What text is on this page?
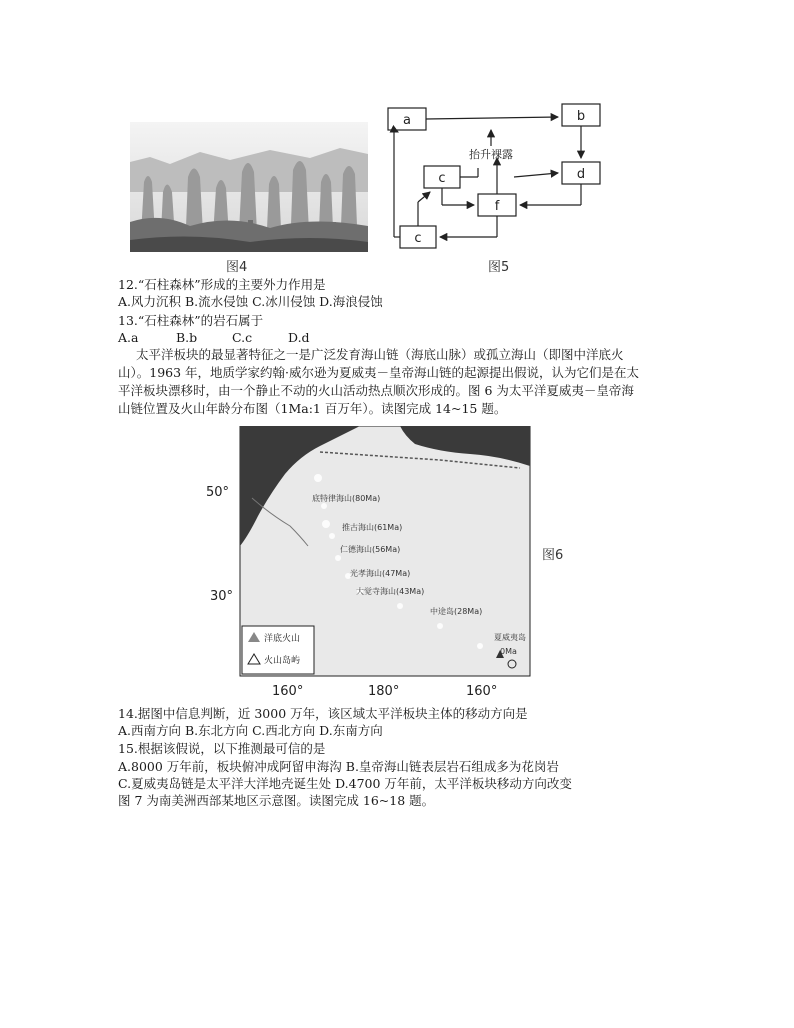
图4
a	b
c	d
f
c
抬升裸露
图5
12.“石柱森林”形成的主要外力作用是
A.风力沉积 B.流水侵蚀 C.冰川侵蚀 D.海浪侵蚀
13.“石柱森林”的岩石属于
A.a	B.b	C.c	D.d
太平洋板块的最显著特征之一是广泛发育海山链（海底山脉）或孤立海山（即图中洋底火
山）。1963 年，地质学家约翰·威尔逊为夏威夷－皇帝海山链的起源提出假说，认为它们是在太
平洋板块漂移时，由一个静止不动的火山活动热点顺次形成的。图 6 为太平洋夏威夷－皇帝海
山链位置及火山年龄分布图（1Ma:1 百万年）。读图完成 14~15 题。
底特律海山(80Ma)
推古海山(61Ma)
仁德海山(56Ma)
光孝海山(47Ma)
大觉寺海山(43Ma)
中途岛(28Ma)
夏威夷岛
0Ma
50°
30°
160°	180°	160°
洋底火山
火山岛屿
图6
14.据图中信息判断，近 3000 万年，该区域太平洋板块主体的移动方向是
A.西南方向 B.东北方向 C.西北方向 D.东南方向
15.根据该假说，以下推测最可信的是
A.8000 万年前，板块俯冲成阿留申海沟 B.皇帝海山链表层岩石组成多为花岗岩
C.夏威夷岛链是太平洋大洋地壳诞生处 D.4700 万年前，太平洋板块移动方向改变
图 7 为南美洲西部某地区示意图。读图完成 16~18 题。
